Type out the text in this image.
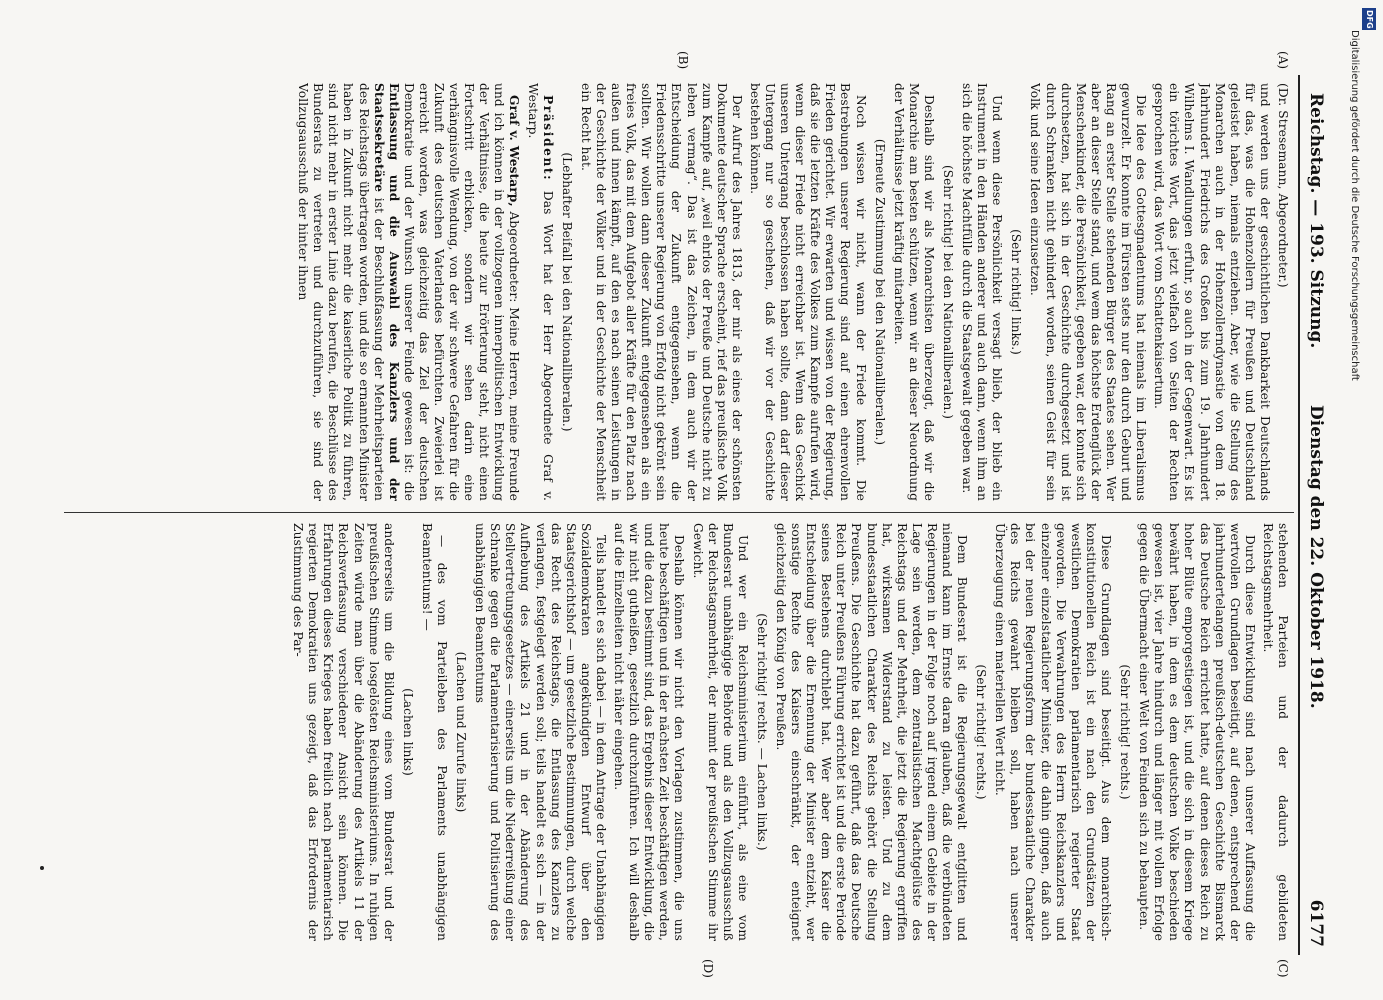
DFG
Digitalisierung gefördert durch die Deutsche Forschungsgemeinschaft
Reichstag. — 193. Sitzung.
Dienstag den 22. Oktober 1918.
6177
(A)
(B)
(C)
(D)

(Dr. Stresemann, Abgeordneter.)

und werden uns der geschichtlichen Dankbarkeit Deutschlands für das, was die Hohenzollern für Preußen und Deutschland geleistet haben, niemals entziehen. Aber, wie die Stellung des Monarchen auch in der Hohenzollerndynastie von dem 18. Jahrhundert Friedrichs des Großen bis zum 19. Jahrhundert Wilhelms I. Wandlungen erfuhr, so auch in der Gegenwart. Es ist ein törichtes Wort, das jetzt vielfach von Seiten der Rechten gesprochen wird, das Wort vom Schattenkaisertum.

Die Idee des Gottesgnadentums hat niemals im Liberalismus gewurzelt. Er konnte im Fürsten stets nur den durch Geburt und Rang an erster Stelle stehenden Bürger des Staates sehen. Wer aber an dieser Stelle stand, und wem das höchste Erdenglück der Menschenkinder, die Persönlichkeit, gegeben war, der konnte sich durchsetzen, hat sich in der Geschichte durchgesetzt und ist durch Schranken nicht gehindert worden, seinen Geist für sein Volk und seine Ideen einzusetzen.

(Sehr richtig! links.)

Und wenn diese Persönlichkeit versagt blieb, der blieb ein Instrument in den Händen anderer und auch dann, wenn ihm an sich die höchste Machtfülle durch die Staatsgewalt gegeben war.

(Sehr richtig! bei den Nationalliberalen.)

Deshalb sind wir als Monarchisten überzeugt, daß wir die Monarchie am besten schützen, wenn wir an dieser Neuordnung der Verhältnisse jetzt kräftig mitarbeiten.

(Erneute Zustimmung bei den Nationalliberalen.)

Noch wissen wir nicht, wann der Friede kommt. Die Bestrebungen unserer Regierung sind auf einen ehrenvollen Frieden gerichtet. Wir erwarten und wissen von der Regierung, daß sie die letzten Kräfte des Volkes zum Kampfe aufrufen wird, wenn dieser Friede nicht erreichbar ist. Wenn das Geschick unseren Untergang beschlossen haben sollte, dann darf dieser Untergang nur so geschehen, daß wir vor der Geschichte bestehen können.

Der Aufruf des Jahres 1813, der mir als eines der schönsten Dokumente deutscher Sprache erscheint, rief das preußische Volk zum Kampfe auf, „weil ehrlos der Preuße und Deutsche nicht zu leben vermag“. Das ist das Zeichen, in dem auch wir der Entscheidung der Zukunft entgegensehen, wenn die Friedensschritte unserer Regierung von Erfolg nicht gekrönt sein sollten. Wir wollen dann dieser Zukunft entgegensehen als ein freies Volk, das mit dem Aufgebot aller Kräfte für den Platz nach außen und innen kämpft, auf den es nach seinen Leistungen in der Geschichte der Völker und in der Geschichte der Menschheit ein Recht hat.

(Lebhafter Beifall bei den Nationalliberalen.)

Präsident: Das Wort hat der Herr Abgeordnete Graf v. Westarp.

Graf v. Westarp, Abgeordneter: Meine Herren, meine Freunde und ich können in der vollzogenen innerpolitischen Entwicklung der Verhältnisse, die heute zur Erörterung steht, nicht einen Fortschritt erblicken, sondern wir sehen darin eine verhängnisvolle Wendung, von der wir schwere Gefahren für die Zukunft des deutschen Vaterlandes befürchten. Zweierlei ist erreicht worden, was gleichzeitig das Ziel der deutschen Demokratie und der Wunsch unserer Feinde gewesen ist: die Entlassung und die Auswahl des Kanzlers und der Staatssekretäre ist der Beschlußfassung der Mehrheitsparteien des Reichstags übertragen worden, und die so ernannten Minister haben in Zukunft nicht mehr die kaiserliche Politik zu führen, sind nicht mehr in erster Linie dazu berufen, die Beschlüsse des Bundesrats zu vertreten und durchzuführen, sie sind der Vollzugsausschuß der hinter ihnen

stehenden Parteien und der dadurch gebildeten Reichstagsmehrheit.

Durch diese Entwicklung sind nach unserer Auffassung die wertvollen Grundlagen beseitigt, auf denen, entsprechend der jahrhundertelangen preußisch-deutschen Geschichte Bismarck das Deutsche Reich errichtet hatte, auf denen dieses Reich zu hoher Blüte emporgestiegen ist, und die sich in diesem Kriege bewährt haben, in dem es dem deutschen Volke beschieden gewesen ist, vier Jahre hindurch und länger mit vollem Erfolge gegen die Übermacht einer Welt von Feinden sich zu behaupten.

(Sehr richtig! rechts.)

Diese Grundlagen sind beseitigt. Aus dem monarchisch-konstitutionellen Reich ist ein nach den Grundsätzen der westlichen Demokratien parlamentarisch regierter Staat geworden. Die Verwahrungen des Herrn Reichskanzlers und einzelner einzelstaatlicher Minister, die dahin gingen, daß auch bei der neuen Regierungsform der bundesstaatliche Charakter des Reichs gewahrt bleiben soll, haben nach unserer Überzeugung einen materiellen Wert nicht.

(Sehr richtig! rechts.)

Dem Bundesrat ist die Regierungsgewalt entglitten und niemand kann im Ernste daran glauben, daß die verbündeten Regierungen in der Folge noch auf irgend einem Gebiete in der Lage sein werden, dem zentralistischen Machtgelüste des Reichstags und der Mehrheit, die jetzt die Regierung ergriffen hat, wirksamen Widerstand zu leisten. Und zu dem bundesstaatlichen Charakter des Reichs gehört die Stellung Preußens. Die Geschichte hat dazu geführt, daß das Deutsche Reich unter Preußens Führung errichtet ist und die erste Periode seines Bestehens durchlebt hat. Wer aber dem Kaiser die Entscheidung über die Ernennung der Minister entzieht, wer sonstige Rechte des Kaisers einschränkt, der enteignet gleichzeitig den König von Preußen.

(Sehr richtig! rechts. — Lachen links.)

Und wer ein Reichsministerium einführt, als eine vom Bundesrat unabhängige Behörde und als den Vollzugsausschuß der Reichstagsmehrheit, der nimmt der preußischen Stimme ihr Gewicht.

Deshalb können wir nicht den Vorlagen zustimmen, die uns heute beschäftigen und in der nächsten Zeit beschäftigen werden, und die dazu bestimmt sind, das Ergebnis dieser Entwicklung, die wir nicht gutheißen, gesetzlich durchzuführen. Ich will deshalb auf die Einzelheiten nicht näher eingehen.

Teils handelt es sich dabei — in dem Antrage der Unabhängigen Sozialdemokraten angekündigten Entwurf über den Staatsgerichtshof — um gesetzliche Bestimmungen, durch welche das Recht des Reichstags, die Entlassung des Kanzlers zu verlangen, festgelegt werden soll; teils handelt es sich — in der Aufhebung des Artikels 21 und in der Abänderung des Stellvertretungsgesetzes — einerseits um die Niederreißung einer Schranke gegen die Parlamentarisierung und Politisierung des unabhängigen Beamtentums

(Lachen und Zurufe links)

— des vom Parteileben des Parlaments unabhängigen Beamtentums! —

(Lachen links)

andererseits um die Bildung eines vom Bundesrat und der preußischen Stimme losgelösten Reichsministeriums. In ruhigen Zeiten würde man über die Abänderung des Artikels 11 der Reichsverfassung verschiedener Ansicht sein können. Die Erfahrungen dieses Krieges haben freilich nach parlamentarisch regierten Demokratien uns gezeigt, daß das Erfordernis der Zustimmung des Par-
